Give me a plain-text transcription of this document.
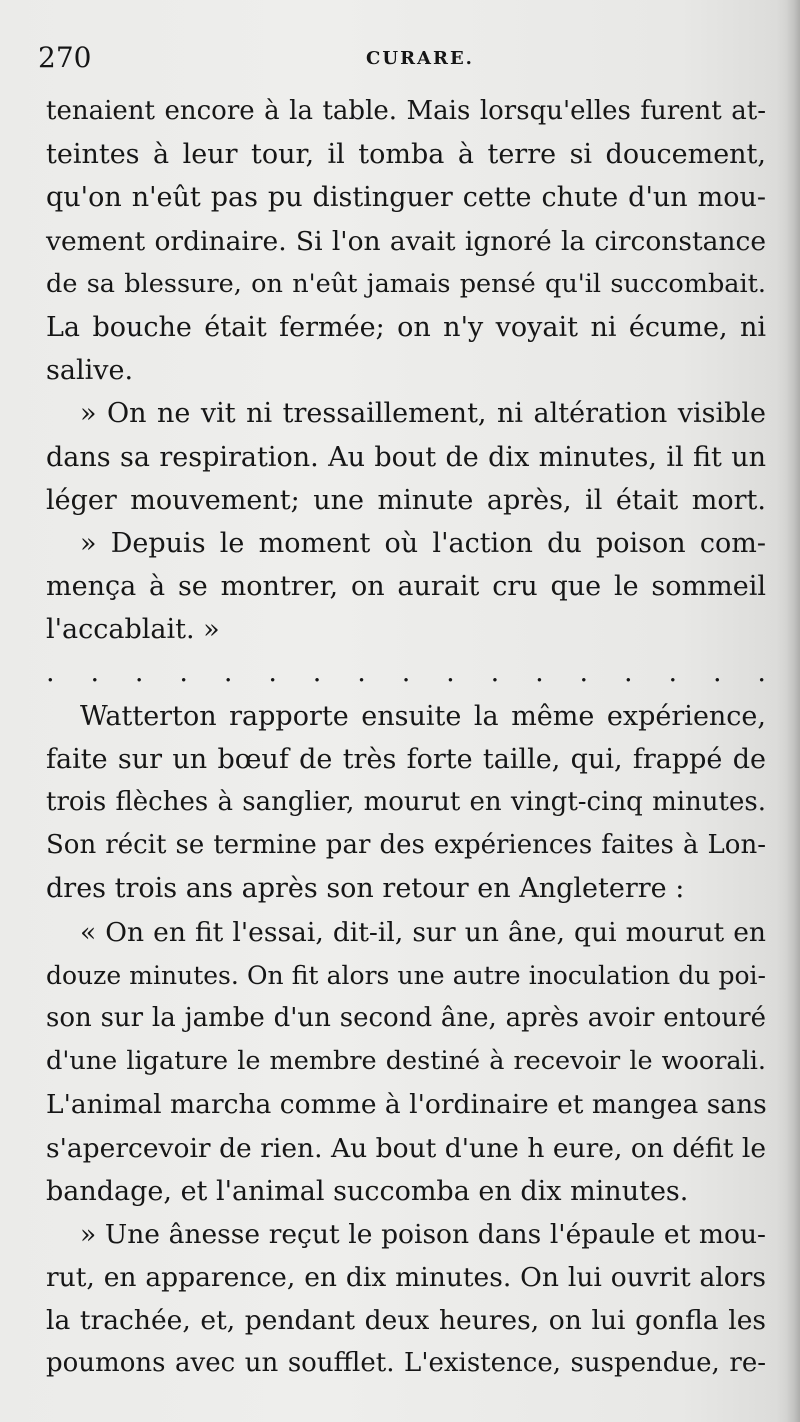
270	CURARE.
tenaient encore à la table. Mais lorsqu'elles furent at-
teintes à leur tour, il tomba à terre si doucement,
qu'on n'eût pas pu distinguer cette chute d'un mou-
vement ordinaire. Si l'on avait ignoré la circonstance
de sa blessure, on n'eût jamais pensé qu'il succombait.
La bouche était fermée; on n'y voyait ni écume, ni
salive.
» On ne vit ni tressaillement, ni altération visible
dans sa respiration. Au bout de dix minutes, il fit un
léger mouvement; une minute après, il était mort.
» Depuis le moment où l'action du poison com-
mença à se montrer, on aurait cru que le sommeil
l'accablait. »
. . . . . . . . . . . . . . . . .
Watterton rapporte ensuite la même expérience,
faite sur un bœuf de très forte taille, qui, frappé de
trois flèches à sanglier, mourut en vingt-cinq minutes.
Son récit se termine par des expériences faites à Lon-
dres trois ans après son retour en Angleterre :
« On en fit l'essai, dit-il, sur un âne, qui mourut en
douze minutes. On fit alors une autre inoculation du poi-
son sur la jambe d'un second âne, après avoir entouré
d'une ligature le membre destiné à recevoir le woorali.
L'animal marcha comme à l'ordinaire et mangea sans
s'apercevoir de rien. Au bout d'une h eure, on défit le
bandage, et l'animal succomba en dix minutes.
» Une ânesse reçut le poison dans l'épaule et mou-
rut, en apparence, en dix minutes. On lui ouvrit alors
la trachée, et, pendant deux heures, on lui gonfla les
poumons avec un soufflet. L'existence, suspendue, re-
